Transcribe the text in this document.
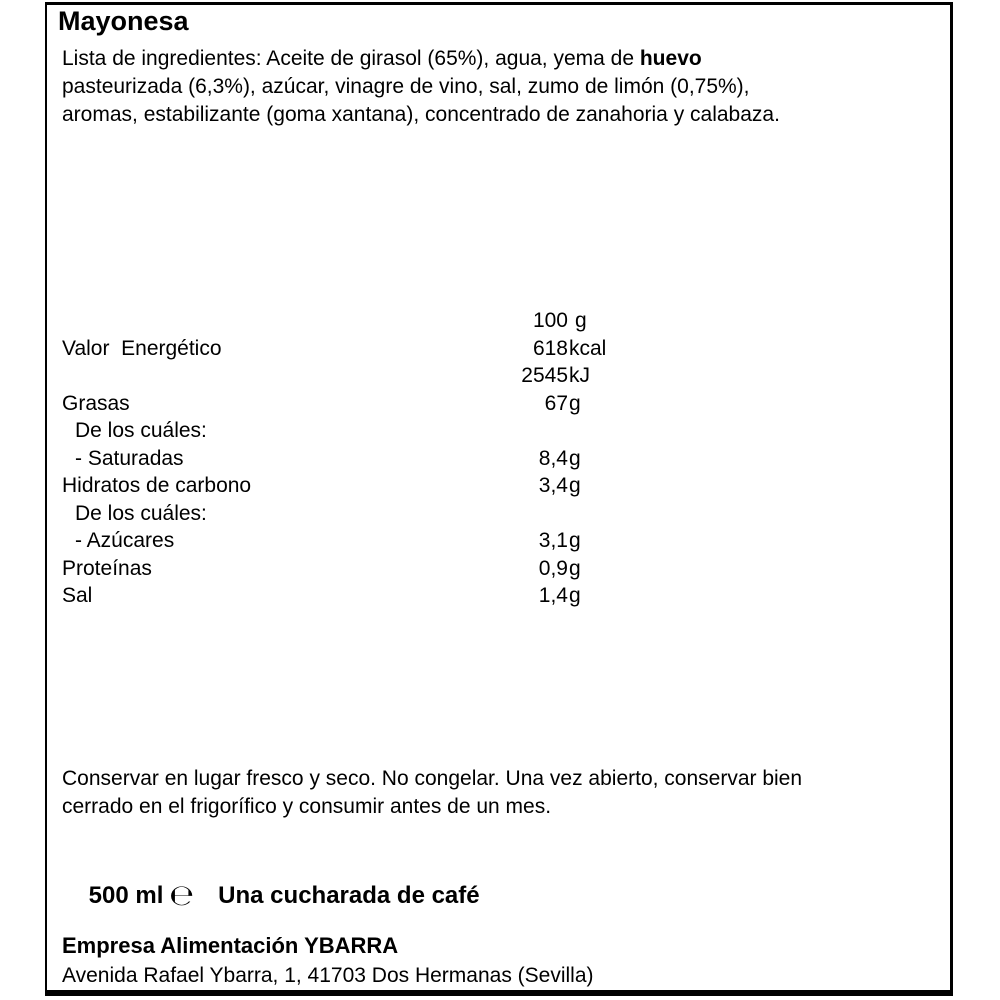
Mayonesa
Lista de ingredientes: Aceite de girasol (65%), agua, yema de huevo
pasteurizada (6,3%), azúcar, vinagre de vino, sal, zumo de limón (0,75%),
aromas, estabilizante (goma xantana), concentrado de zanahoria y calabaza.
100 g
Valor  Energético	618kcal
2545kJ
Grasas	67g
De los cuáles:
- Saturadas	8,4g
Hidratos de carbono	3,4g
De los cuáles:
- Azúcares	3,1g
Proteínas	0,9g
Sal	1,4g
Conservar en lugar fresco y seco. No congelar. Una vez abierto, conservar bien
cerrado en el frigorífico y consumir antes de un mes.

500 ml ℮ Una cucharada de café

Empresa Alimentación YBARRA
Avenida Rafael Ybarra, 1, 41703 Dos Hermanas (Sevilla)
